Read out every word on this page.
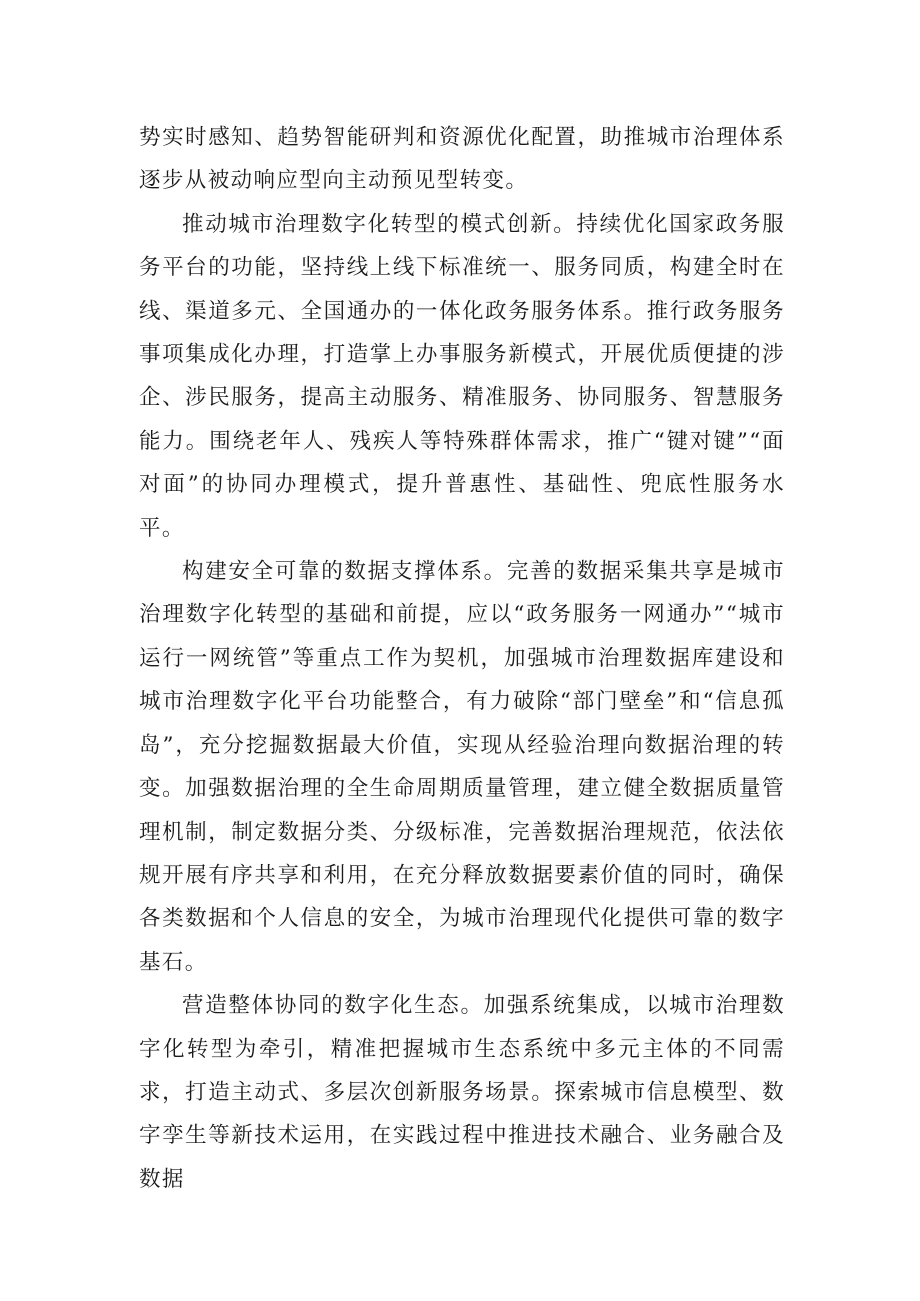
势实时感知、趋势智能研判和资源优化配置，助推城市治理体系逐步从被动响应型向主动预见型转变。

推动城市治理数字化转型的模式创新。持续优化国家政务服务平台的功能，坚持线上线下标准统一、服务同质，构建全时在线、渠道多元、全国通办的一体化政务服务体系。推行政务服务事项集成化办理，打造掌上办事服务新模式，开展优质便捷的涉企、涉民服务，提高主动服务、精准服务、协同服务、智慧服务能力。围绕老年人、残疾人等特殊群体需求，推广“键对键”“面对面”的协同办理模式，提升普惠性、基础性、兜底性服务水平。

构建安全可靠的数据支撑体系。完善的数据采集共享是城市治理数字化转型的基础和前提，应以“政务服务一网通办”“城市运行一网统管”等重点工作为契机，加强城市治理数据库建设和城市治理数字化平台功能整合，有力破除“部门壁垒”和“信息孤岛”，充分挖掘数据最大价值，实现从经验治理向数据治理的转变。加强数据治理的全生命周期质量管理，建立健全数据质量管理机制，制定数据分类、分级标准，完善数据治理规范，依法依规开展有序共享和利用，在充分释放数据要素价值的同时，确保各类数据和个人信息的安全，为城市治理现代化提供可靠的数字基石。

营造整体协同的数字化生态。加强系统集成，以城市治理数字化转型为牵引，精准把握城市生态系统中多元主体的不同需求，打造主动式、多层次创新服务场景。探索城市信息模型、数字孪生等新技术运用，在实践过程中推进技术融合、业务融合及数据
